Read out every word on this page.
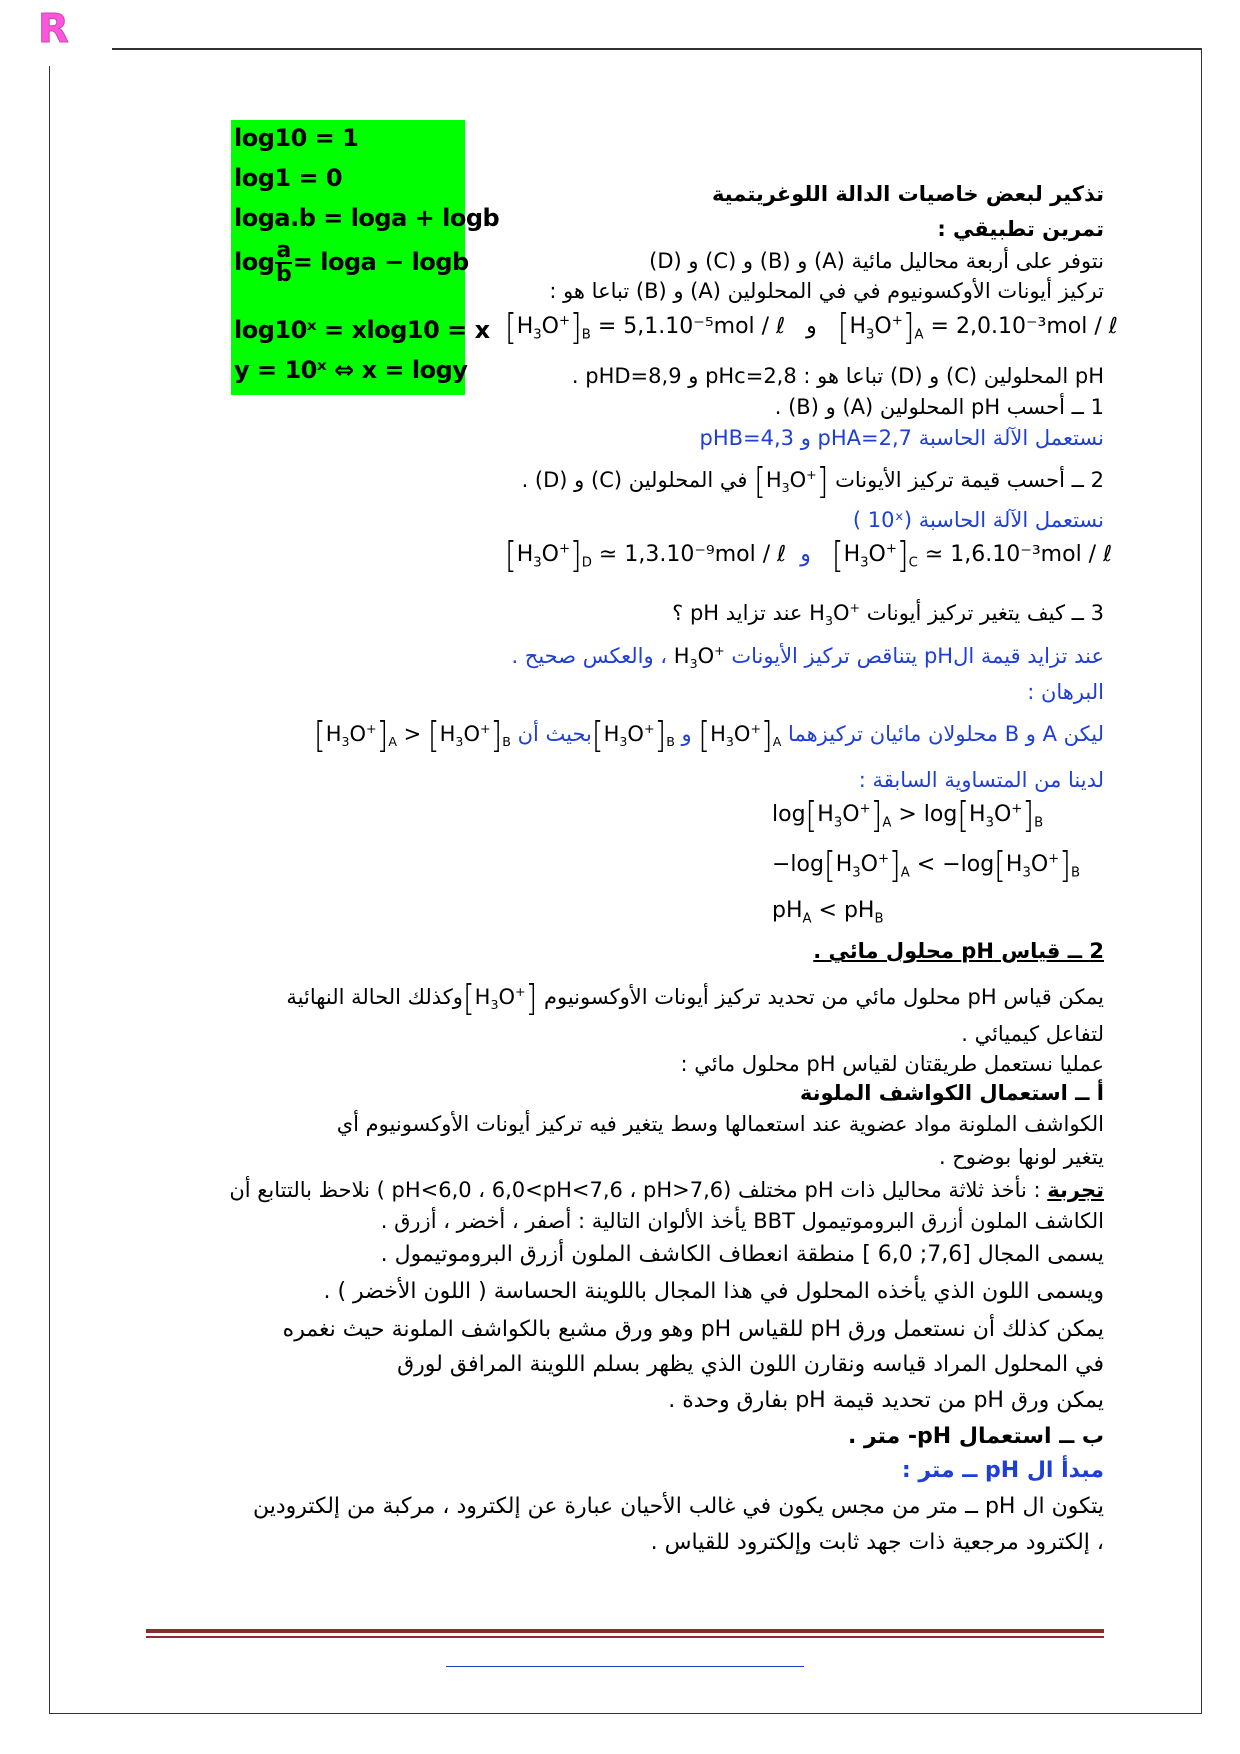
R
log10 = 1
log1 = 0
loga.b = loga + logb
$\log \frac{a}{b} = \log a - \log b$
log10ˣ = xlog10 = x
y = 10ˣ ⇔ x = logy
تذكير لبعض خاصيات الدالة اللوغريتمية
تمرين تطبيقي :
نتوفر على أربعة محاليل مائية (A) و (B) و (C) و (D)
تركيز أيونات الأوكسونيوم في في المحلولين (A) و (B) تباعا هو :
$[H_3O^+]_B = 5,1.10^{-5}mol$ / ℓ و $[H_3O^+]_A = 2,0.10^{-3}mol$ / ℓ
pH المحلولين (C) و (D) تباعا هو : pHc=2,8 و pHD=8,9 .
1 ــ أحسب pH المحلولين (A) و (B) .
نستعمل الآلة الحاسبة pHA=2,7 و pHB=4,3
2 ــ أحسب قيمة تركيز الأيونات $[H_3O^+]$ في المحلولين (C) و (D) .
نستعمل الآلة الحاسبة (10ˣ )
$[H_3O^+]_D$ ≃ 1,3.10⁻⁹mol / ℓ و $[H_3O^+]_C$ ≃ 1,6.10⁻³mol / ℓ
3 ــ كيف يتغير تركيز أيونات $H_3O^+$ عند تزايد pH ؟
عند تزايد قيمة الpH يتناقص تركيز الأيونات $H_3O^+$ ، والعكس صحيح .
البرهان :
ليكن A و B محلولان مائيان تركيزهما $[H_3O^+]_A$ و $[H_3O^+]_Bبحيث$ أن $[H_3O^+]_A > [H_3O^+]_B$
لدينا من المتساوية السابقة :
$\log[H_3O^+]_A > \log[H_3O^+]_B$
$-\log[H_3O^+]_A < -\log[H_3O^+]_B$
$pH_A < pH_B$
2 ــ قياس pH محلول مائي .
يمكن قياس pH محلول مائي من تحديد تركيز أيونات الأوكسونيوم $[H_3O^+]وكذلك$ الحالة النهائية
لتفاعل كيميائي .
عمليا نستعمل طريقتان لقياس pH محلول مائي :
أ ــ استعمال الكواشف الملونة
الكواشف الملونة مواد عضوية عند استعمالها وسط يتغير فيه تركيز أيونات الأوكسونيوم أي
يتغير لونها بوضوح .
تجربة : نأخذ ثلاثة محاليل ذات pH مختلف (pH<6,0 ، 6,0<pH<7,6 ، pH>7,6 ) نلاحظ بالتتابع أن
الكاشف الملون أزرق البروموتيمول BBT يأخذ الألوان التالية : أصفر ، أخضر ، أزرق .
يسمى المجال [7,6; 6,0 ] منطقة انعطاف الكاشف الملون أزرق البروموتيمول .
ويسمى اللون الذي يأخذه المحلول في هذا المجال باللوينة الحساسة ( اللون الأخضر ) .
يمكن كذلك أن نستعمل ورق pH للقياس pH وهو ورق مشبع بالكواشف الملونة حيث نغمره
في المحلول المراد قياسه ونقارن اللون الذي يظهر بسلم اللوينة المرافق لورق
يمكن ورق pH من تحديد قيمة pH بفارق وحدة .
ب ــ استعمال pH- متر .
مبدأ ال pH ــ متر :
يتكون ال pH ــ متر من مجس يكون في غالب الأحيان عبارة عن إلكترود ، مركبة من إلكترودين
، إلكترود مرجعية ذات جهد ثابت وإلكترود للقياس .
